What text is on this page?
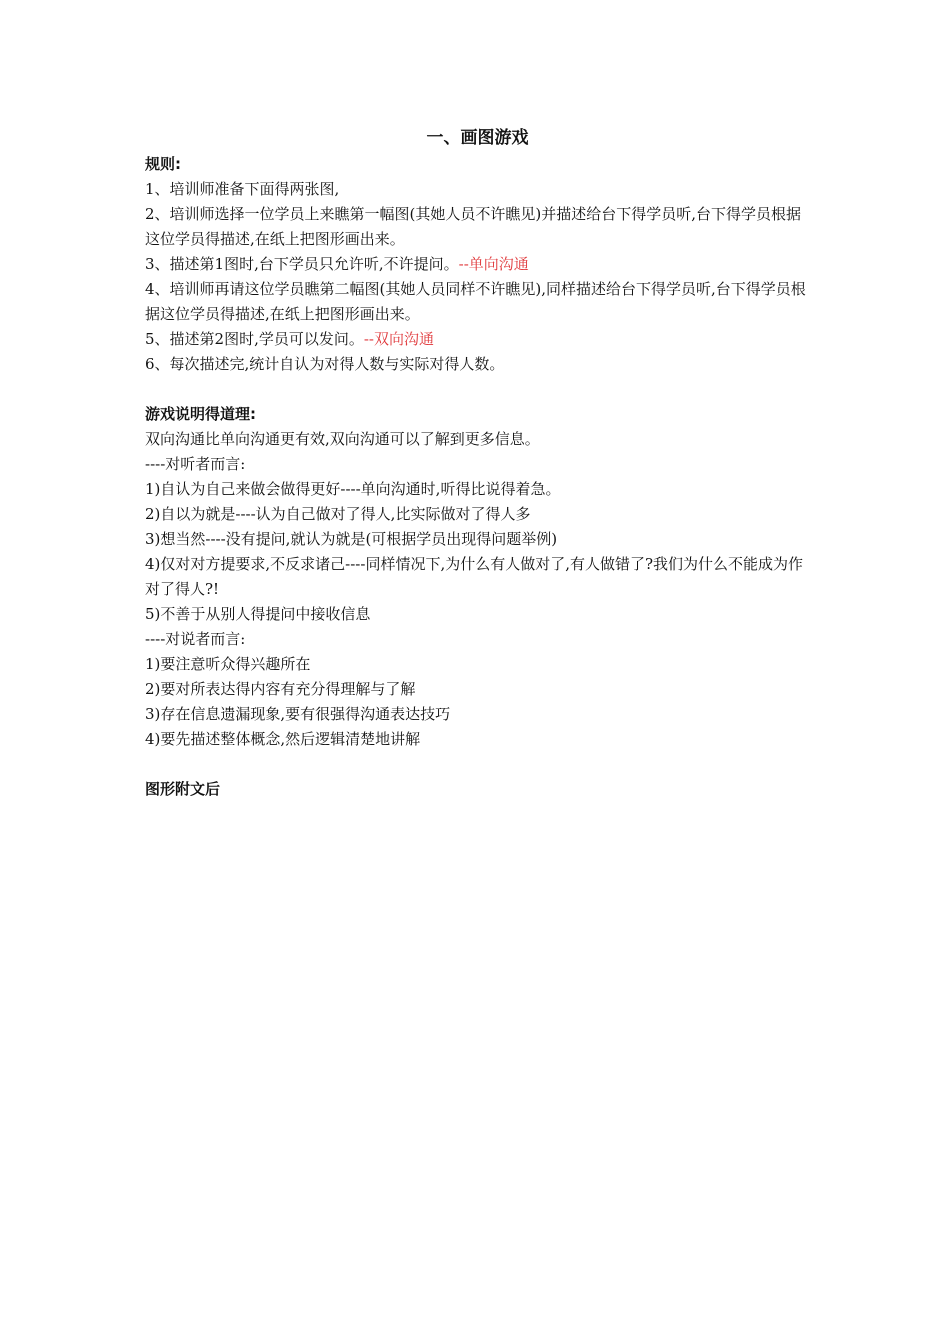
一、画图游戏
规则:
1、培训师准备下面得两张图,
2、培训师选择一位学员上来瞧第一幅图(其她人员不许瞧见)并描述给台下得学员听,台下得学员根据这位学员得描述,在纸上把图形画出来。
3、描述第1图时,台下学员只允许听,不许提问。--单向沟通
4、培训师再请这位学员瞧第二幅图(其她人员同样不许瞧见),同样描述给台下得学员听,台下得学员根据这位学员得描述,在纸上把图形画出来。
5、描述第2图时,学员可以发问。--双向沟通
6、每次描述完,统计自认为对得人数与实际对得人数。
游戏说明得道理:
双向沟通比单向沟通更有效,双向沟通可以了解到更多信息。
----对听者而言:
1)自认为自己来做会做得更好----单向沟通时,听得比说得着急。
2)自以为就是----认为自己做对了得人,比实际做对了得人多
3)想当然----没有提问,就认为就是(可根据学员出现得问题举例)
4)仅对对方提要求,不反求诸己----同样情况下,为什么有人做对了,有人做错了?我们为什么不能成为作对了得人?!
5)不善于从别人得提问中接收信息
----对说者而言:
1)要注意听众得兴趣所在
2)要对所表达得内容有充分得理解与了解
3)存在信息遗漏现象,要有很强得沟通表达技巧
4)要先描述整体概念,然后逻辑清楚地讲解
图形附文后
